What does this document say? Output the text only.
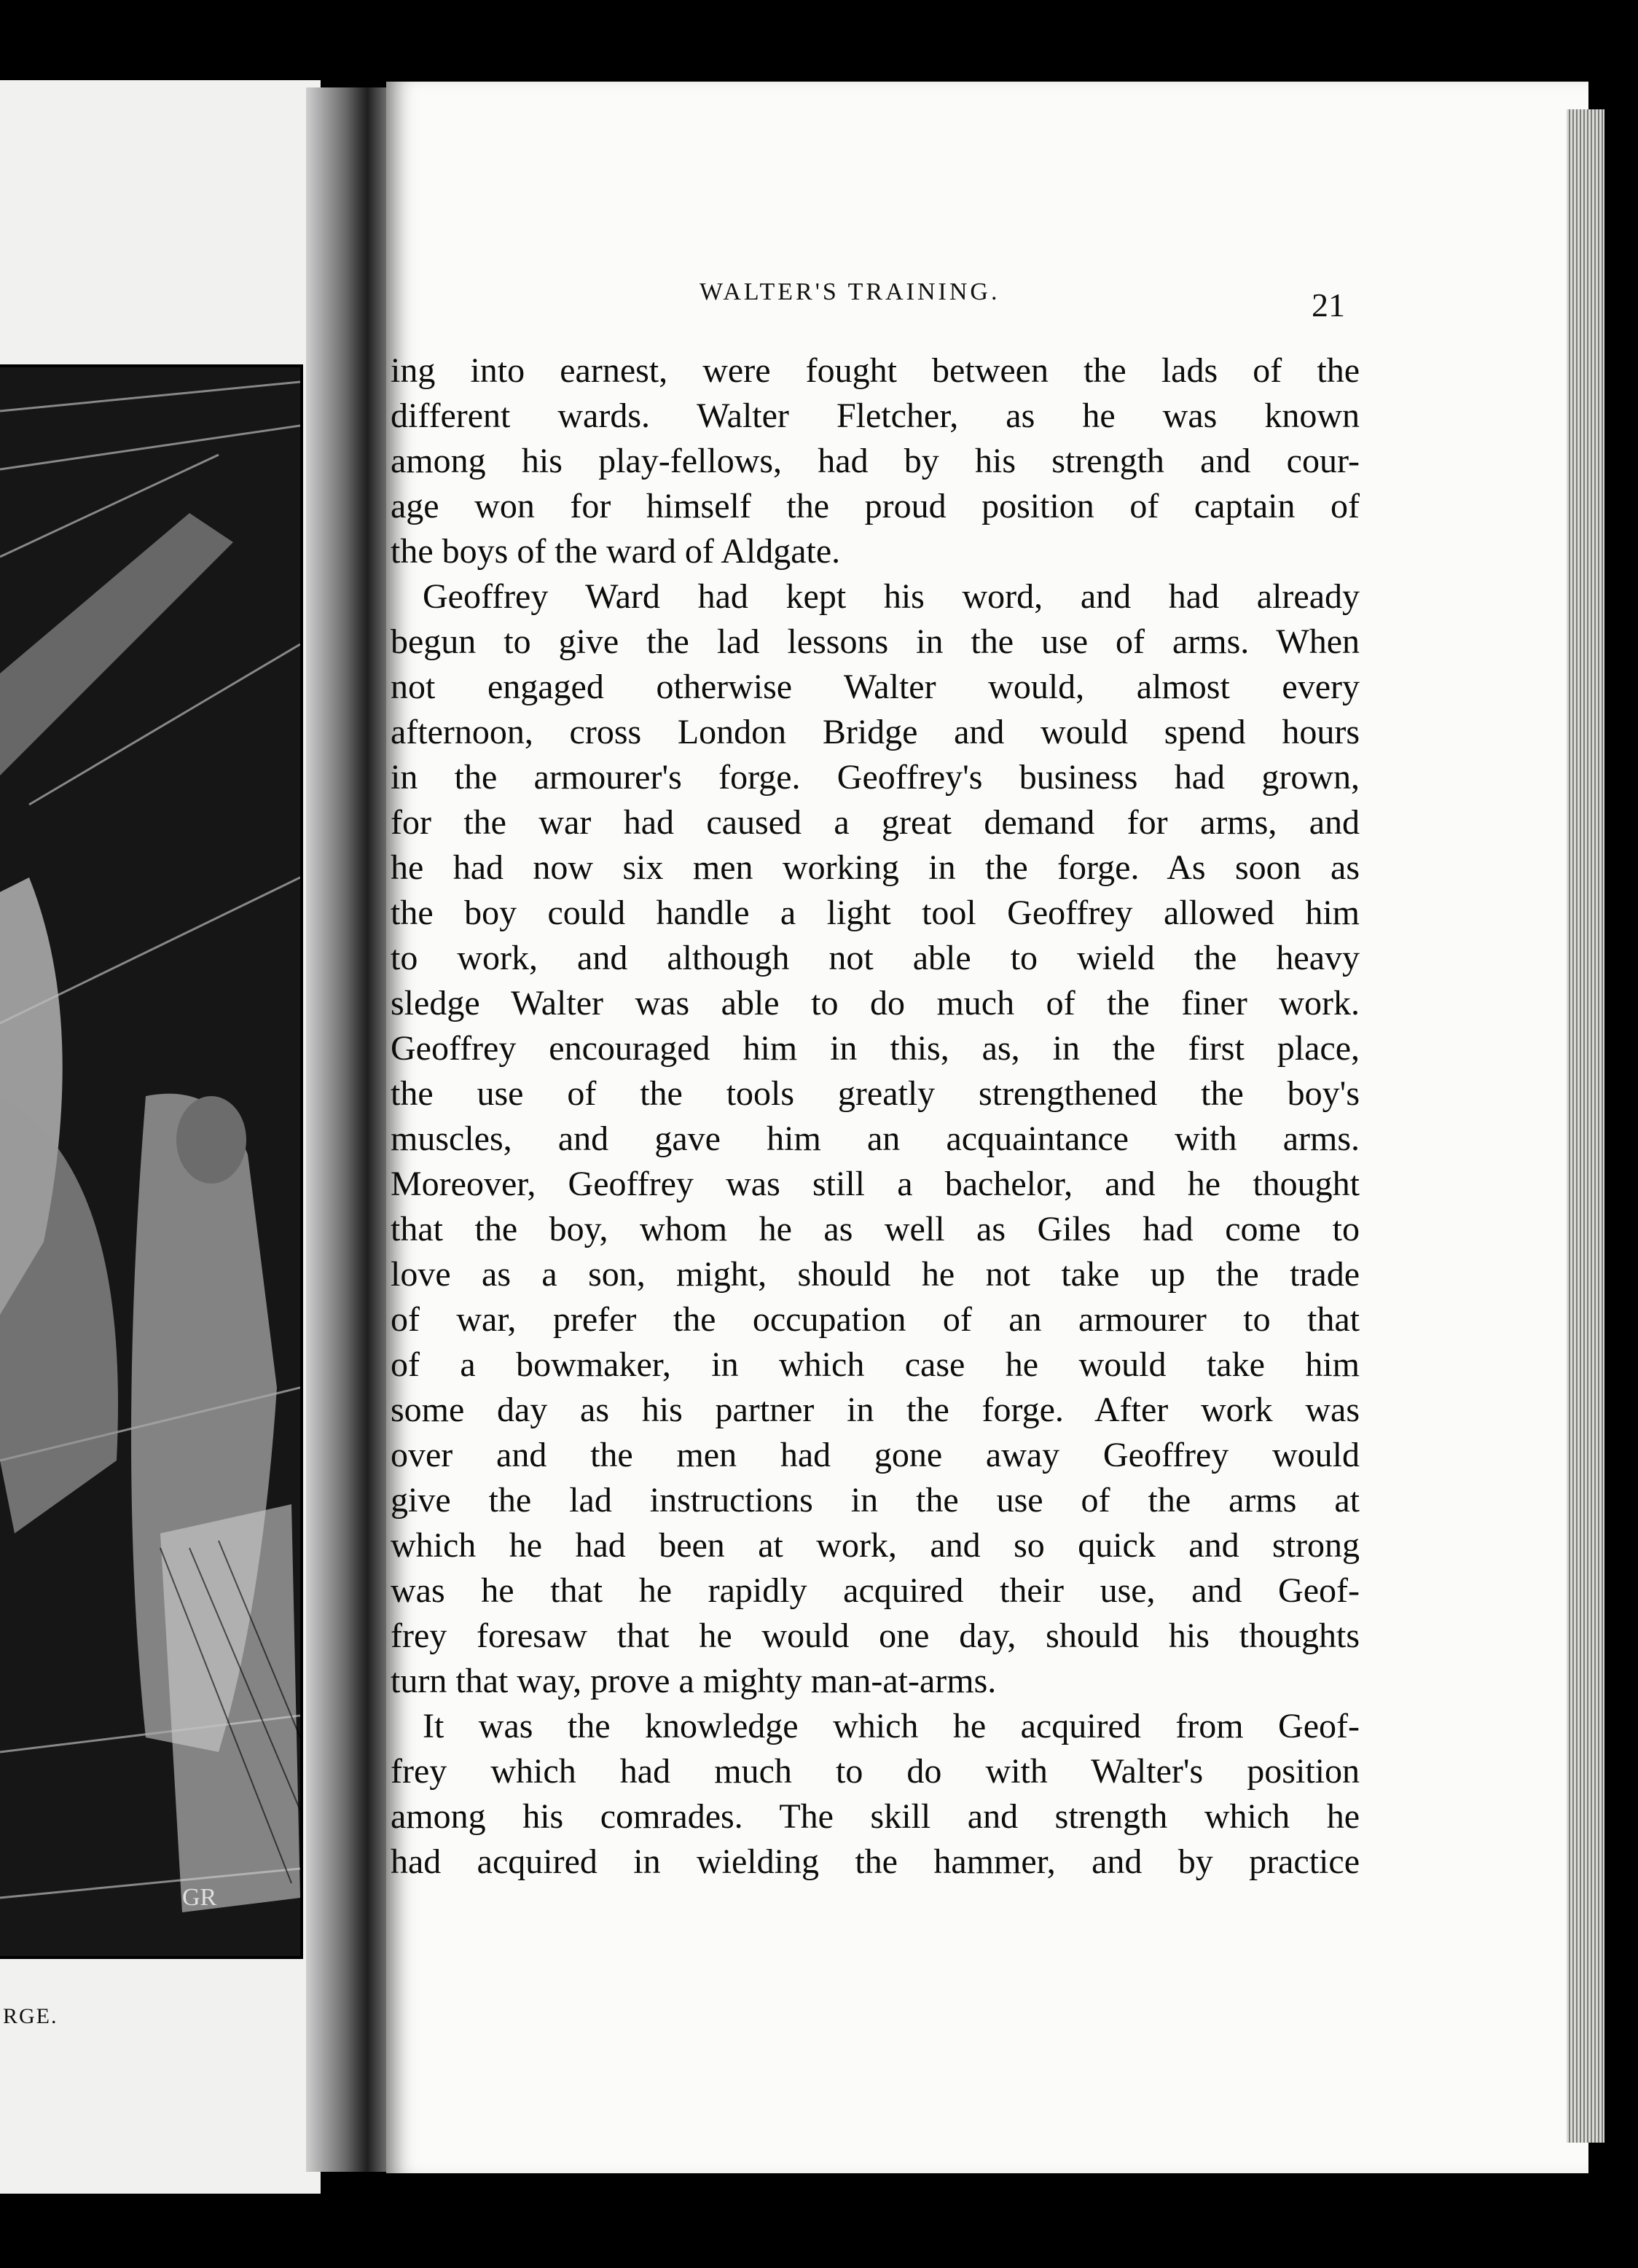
GR
RGE.
WALTER'S TRAINING.	21
ing into earnest, were fought between the lads of the
different wards. Walter Fletcher, as he was known
among his play-fellows, had by his strength and cour-
age won for himself the proud position of captain of
the boys of the ward of Aldgate.
Geoffrey Ward had kept his word, and had already
begun to give the lad lessons in the use of arms. When
not engaged otherwise Walter would, almost every
afternoon, cross London Bridge and would spend hours
in the armourer's forge. Geoffrey's business had grown,
for the war had caused a great demand for arms, and
he had now six men working in the forge. As soon as
the boy could handle a light tool Geoffrey allowed him
to work, and although not able to wield the heavy
sledge Walter was able to do much of the finer work.
Geoffrey encouraged him in this, as, in the first place,
the use of the tools greatly strengthened the boy's
muscles, and gave him an acquaintance with arms.
Moreover, Geoffrey was still a bachelor, and he thought
that the boy, whom he as well as Giles had come to
love as a son, might, should he not take up the trade
of war, prefer the occupation of an armourer to that
of a bowmaker, in which case he would take him
some day as his partner in the forge. After work was
over and the men had gone away Geoffrey would
give the lad instructions in the use of the arms at
which he had been at work, and so quick and strong
was he that he rapidly acquired their use, and Geof-
frey foresaw that he would one day, should his thoughts
turn that way, prove a mighty man-at-arms.
It was the knowledge which he acquired from Geof-
frey which had much to do with Walter's position
among his comrades. The skill and strength which he
had acquired in wielding the hammer, and by practice
